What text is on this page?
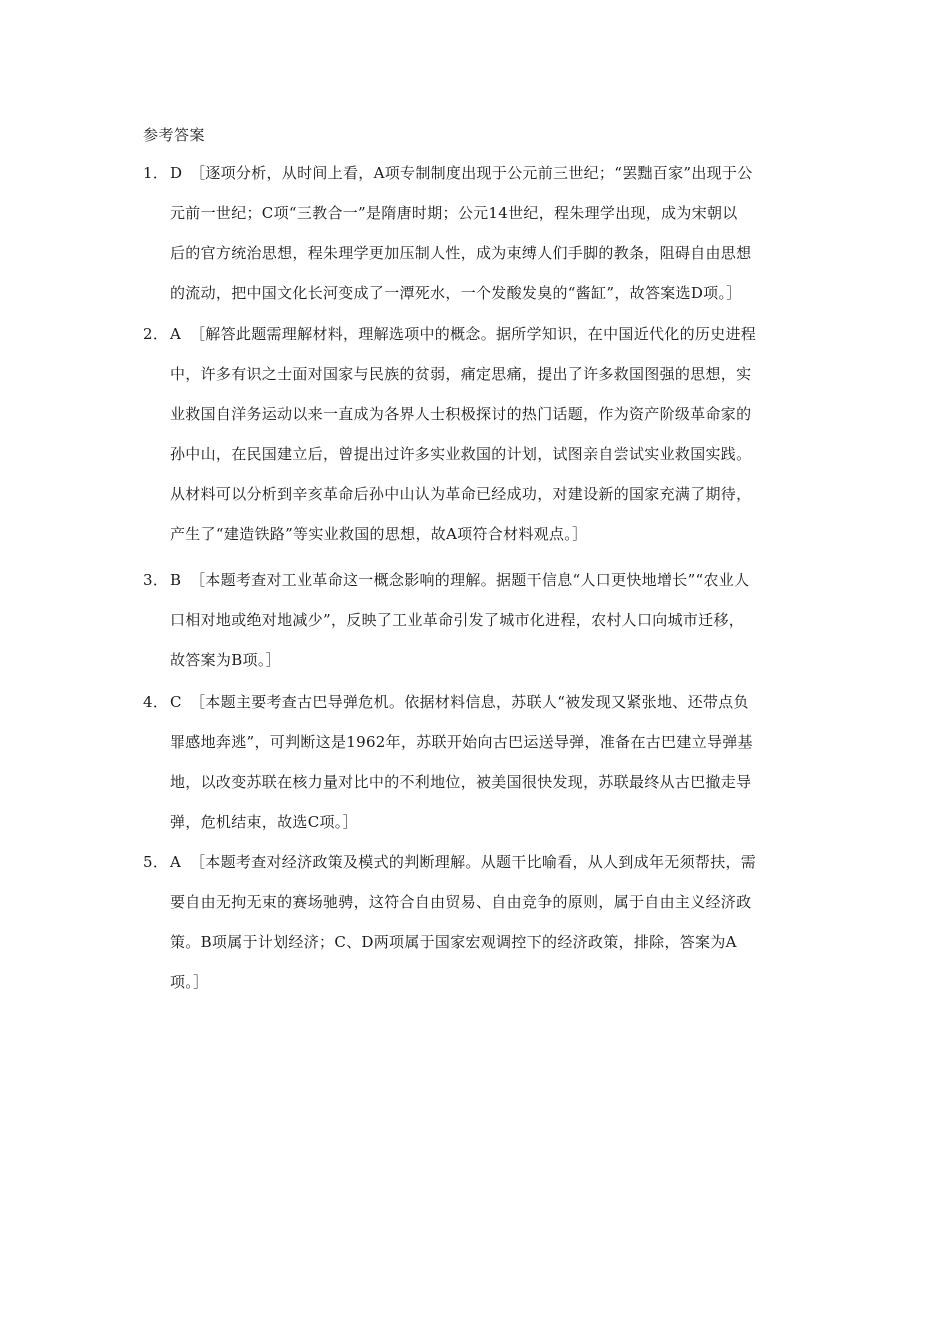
参考答案
1． D ［逐项分析，从时间上看，A项专制制度出现于公元前三世纪；“罢黜百家”出现于公
元前一世纪；C项“三教合一”是隋唐时期；公元14世纪，程朱理学出现，成为宋朝以
后的官方统治思想，程朱理学更加压制人性，成为束缚人们手脚的教条，阻碍自由思想
的流动，把中国文化长河变成了一潭死水，一个发酸发臭的“酱缸”，故答案选D项。］
2． A ［解答此题需理解材料，理解选项中的概念。据所学知识，在中国近代化的历史进程
中，许多有识之士面对国家与民族的贫弱，痛定思痛，提出了许多救国图强的思想，实
业救国自洋务运动以来一直成为各界人士积极探讨的热门话题，作为资产阶级革命家的
孙中山，在民国建立后，曾提出过许多实业救国的计划，试图亲自尝试实业救国实践。
从材料可以分析到辛亥革命后孙中山认为革命已经成功，对建设新的国家充满了期待，
产生了“建造铁路”等实业救国的思想，故A项符合材料观点。］
3． B ［本题考查对工业革命这一概念影响的理解。据题干信息“人口更快地增长”“农业人
口相对地或绝对地减少”，反映了工业革命引发了城市化进程，农村人口向城市迁移，
故答案为B项。］
4． C ［本题主要考查古巴导弹危机。依据材料信息，苏联人“被发现又紧张地、还带点负
罪感地奔逃”，可判断这是1962年，苏联开始向古巴运送导弹，准备在古巴建立导弹基
地，以改变苏联在核力量对比中的不利地位，被美国很快发现，苏联最终从古巴撤走导
弹，危机结束，故选C项。］
5． A ［本题考查对经济政策及模式的判断理解。从题干比喻看，从人到成年无须帮扶，需
要自由无拘无束的赛场驰骋，这符合自由贸易、自由竞争的原则，属于自由主义经济政
策。B项属于计划经济；C、D两项属于国家宏观调控下的经济政策，排除，答案为A
项。］
